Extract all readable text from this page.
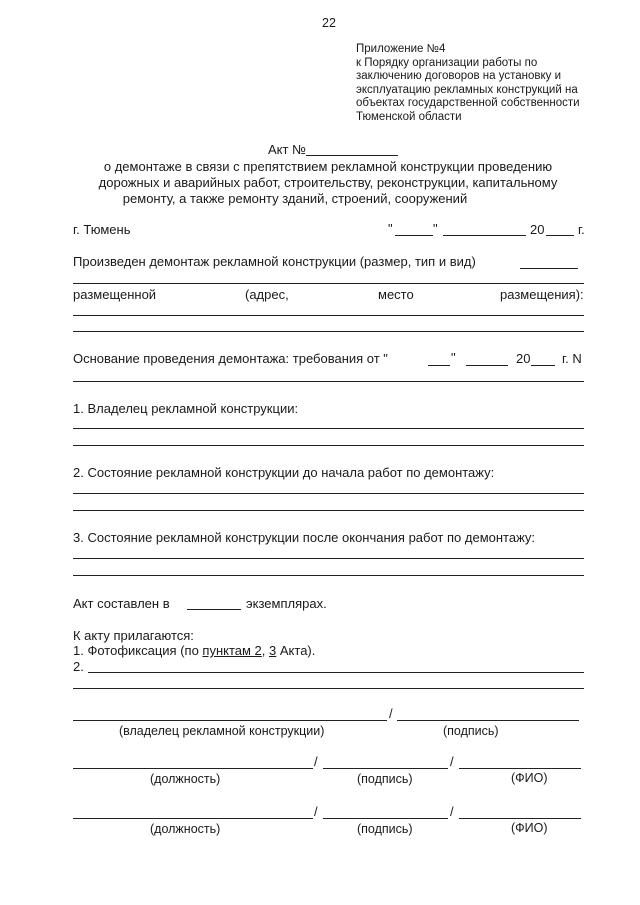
22
Приложение №4
к Порядку организации работы по
заключению договоров на установку и
эксплуатацию рекламных конструкций на
объектах государственной собственности
Тюменской области
Акт №
о демонтаже в связи с препятствием рекламной конструкции проведению
дорожных и аварийных работ, строительству, реконструкции, капитальному
ремонту, а также ремонту зданий, строений, сооружений
г. Тюмень	"	"	20	г.
Произведен демонтаж рекламной конструкции (размер, тип и вид)
размещенной	(адрес,	место	размещения):
Основание проведения демонтажа: требования от "	"	20 г. N
1. Владелец рекламной конструкции:
2. Состояние рекламной конструкции до начала работ по демонтажу:
3. Состояние рекламной конструкции после окончания работ по демонтажу:
Акт составлен в	экземплярах.
К акту прилагаются:
1. Фотофиксация (по пунктам 2, 3 Акта).
2.
/
(владелец рекламной конструкции)	(подпись)
/	/
(должность)	(подпись)	(ФИО)
/	/
(должность)	(подпись)	(ФИО)
